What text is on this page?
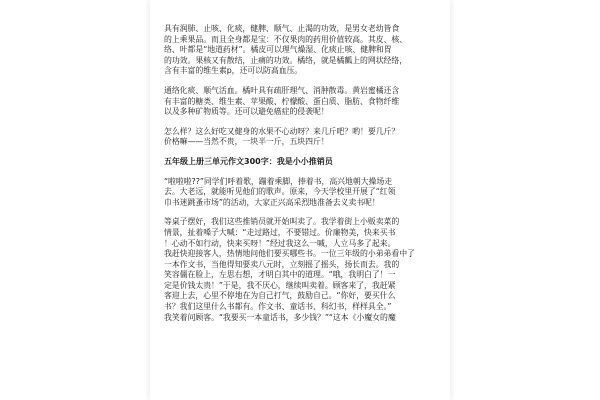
具有润肺、止咳、化痰，健脾、顺气、止渴的功效，是男女老幼皆食
的上乘果品。而且全身都是宝：不仅果肉的药用价值较高。其皮、核、
络、叶都是“地道药材”。橘皮可以理气燥湿、化痰止咳、健脾和胃
的功效。果核又有散结，止痛的功效。橘络，就是橘瓤上的网状经络，
含有丰富的维生素p，还可以防高血压。
通络化痰、顺气活血。橘叶具有疏肝理气、消肿散毒。黄岩蜜橘还含
有丰富的糖类、维生素、苹果酸、柠檬酸、蛋白质、脂肪、食物纤维
以及多种矿物质等。还可以避免癌症的侵袭呢！
怎么样？这么好吃又健身的水果不心动呀？来几斤吧？哟！要几斤？
价格嘛——当然不贵，一块半一斤，五块四斤！
五年级上册三单元作文300字：我是小小推销员
“啦啦啦??”同学们呼着歌，蹦着乘脚，捧着书，高兴地朝大操场走
去。大老远，就能听见他们的歌声。原来，今天学校里开展了“红领
巾书迷跳蚤市场”的活动，大家正兴高采烈地准备去义卖书呢！
等桌子摆好，我们这些推销员就开始叫卖了。我学着街上小贩卖菜的
情景，扯着嗓子大喊：“走过路过，不要错过。价廉物美，快来买书
！心动不如行动，快来买呀！”经过我这么一喊，人立马多了起来。
我赶快迎接客人，热情地问他们要买哪些书。一位三年级的小弟弟看中了
一本作文书，当他得知要卖八元时，立刻摇了摇头，扬长而去。我的
笑容僵在脸上，左思右想，才明白其中的道理。“哦，我明白了！一
定是价钱太贵！”于是，我不厌心，继续叫卖着。顾客来了，我赶紧
客迎上去，心里不停地在为自己打气，鼓励自己。“你好，要买什么
书？我们这里什么书都有。作文书、童话书、科幻书，样样具全。”
我笑着问顾客。“我要买一本童话书，多少钱？”“这本《小魔女的魔
